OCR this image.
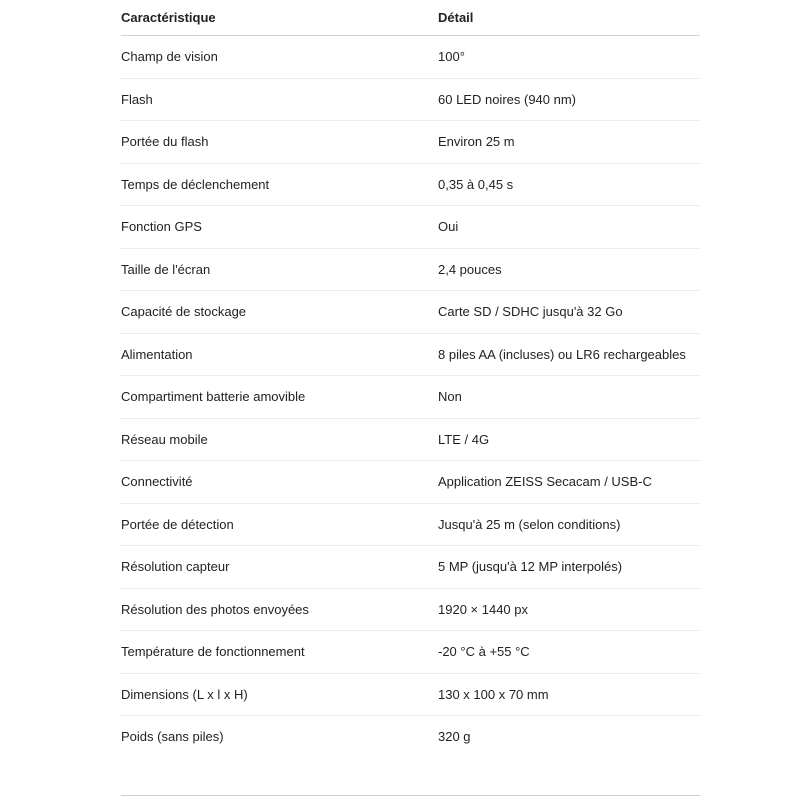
Caractéristique	Détail
Champ de vision	100°
Flash	60 LED noires (940 nm)
Portée du flash	Environ 25 m
Temps de déclenchement	0,35 à 0,45 s
Fonction GPS	Oui
Taille de l'écran	2,4 pouces
Capacité de stockage	Carte SD / SDHC jusqu'à 32 Go
Alimentation	8 piles AA (incluses) ou LR6 rechargeables
Compartiment batterie amovible	Non
Réseau mobile	LTE / 4G
Connectivité	Application ZEISS Secacam / USB-C
Portée de détection	Jusqu'à 25 m (selon conditions)
Résolution capteur	5 MP (jusqu'à 12 MP interpolés)
Résolution des photos envoyées	1920 × 1440 px
Température de fonctionnement	-20 °C à +55 °C
Dimensions (L x l x H)	130 x 100 x 70 mm
Poids (sans piles)	320 g
